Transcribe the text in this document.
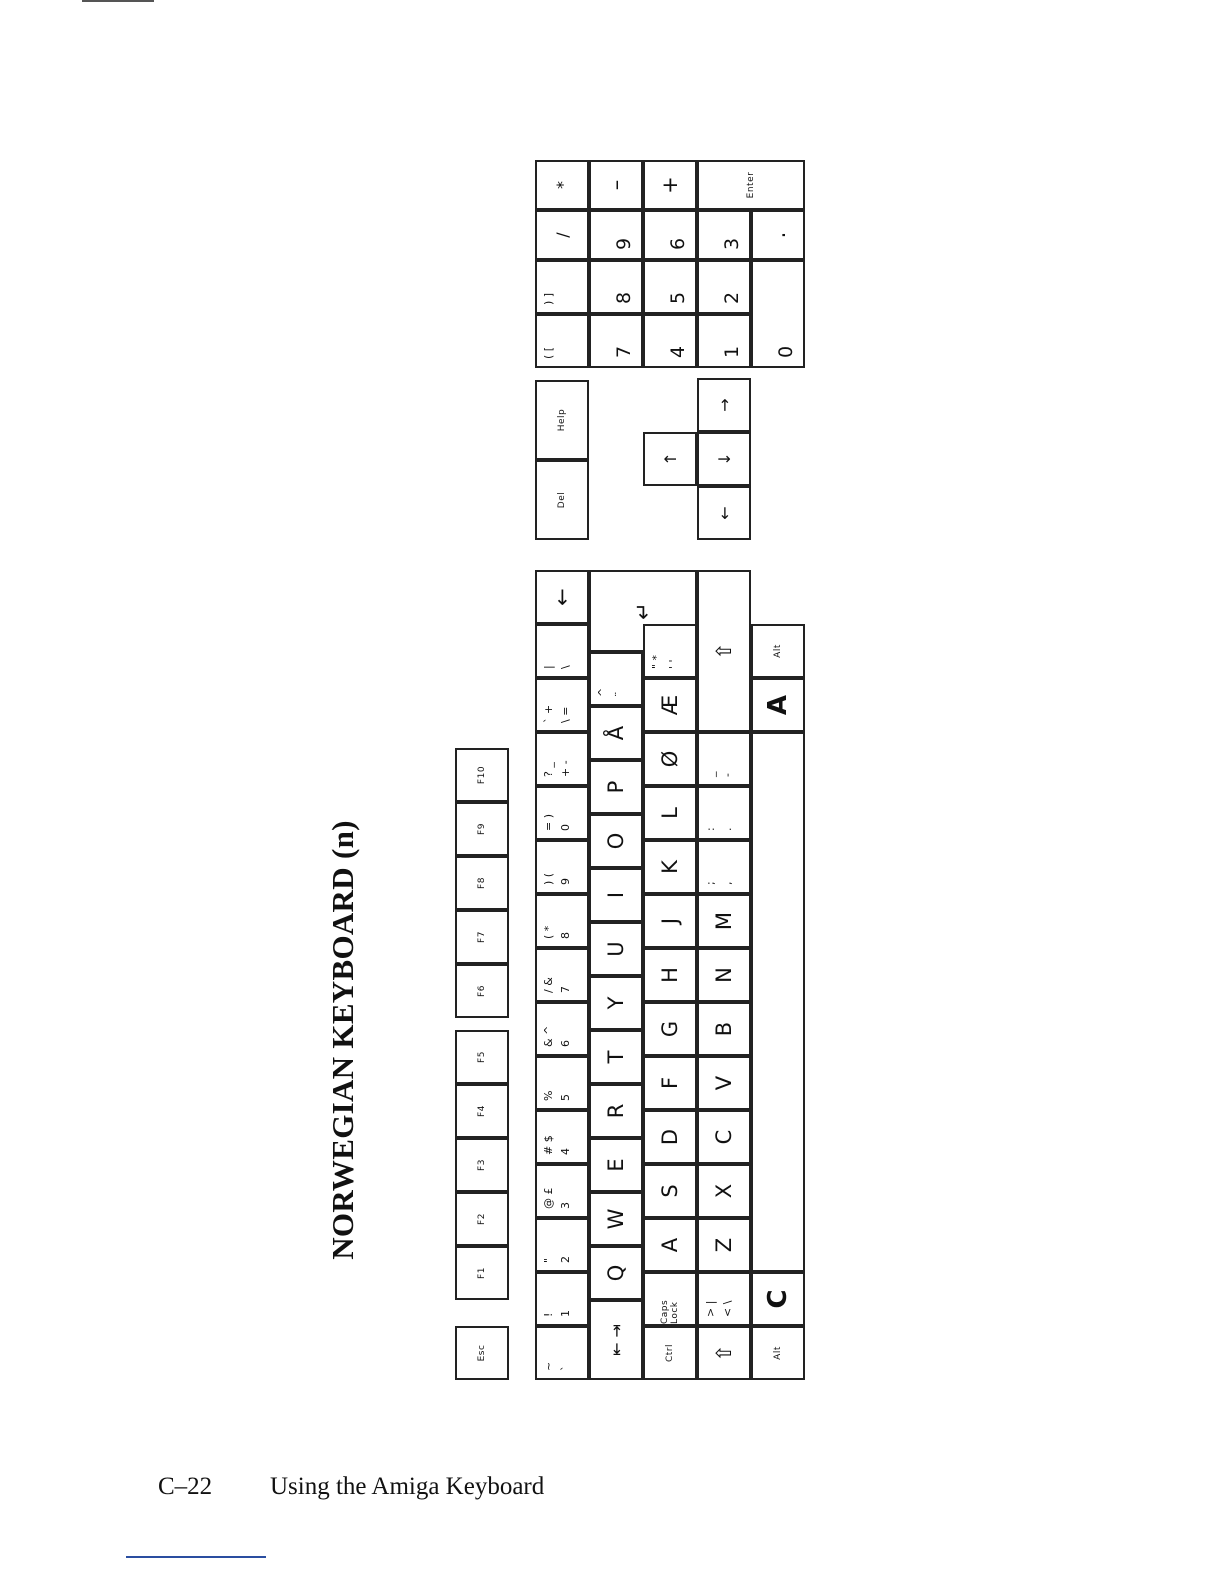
NORWEGIAN KEYBOARD (n)
Esc
F1
F2
F3
F4
F5
F6
F7
F8
F9
F10
~ `
! 1
" 2
@ £ 3
# $ 4
% 5
& ^ 6
/ & 7
( * 8
) ( 9
= ) 0
? _ + -
` + \ =
| \
←
⇤ ⇥
Q
W
E
R
T
Y
U
I
O
P
Å
^ ¨
↵
Ctrl
Caps Lock
A
S
D
F
G
H
J
K
L
Ø
Æ
" * ' '
⇧
> | < \
Z
X
C
V
B
N
M
; ,
: .
_ -
⇧
Alt
C
A
Alt
Del
Help
↑
←
↓
→
( [
) ]
/
*
7
8
9
–
4
5
6
+
1
2
3
Enter
0
.
C–22 Using the Amiga Keyboard
